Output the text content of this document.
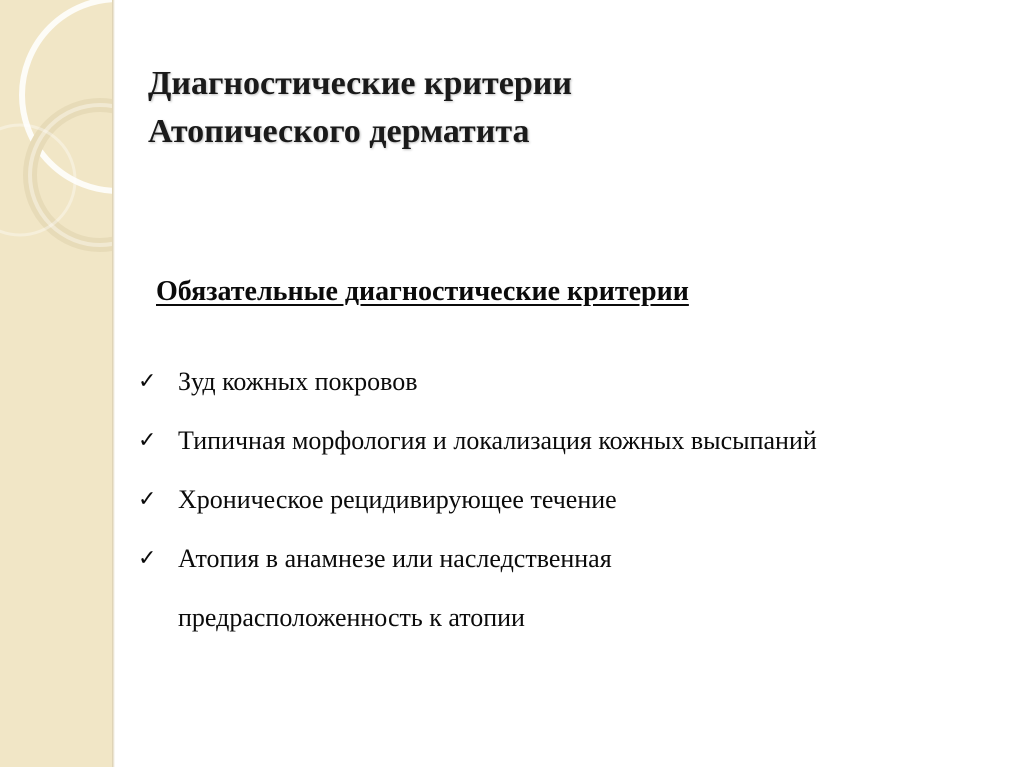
Диагностические критерии
Атопического дерматита
Обязательные диагностические критерии
✓ Зуд кожных покровов
✓ Типичная морфология и локализация кожных высыпаний
✓ Хроническое рецидивирующее течение
✓ Атопия в анамнезе или наследственная предрасположенность к атопии
